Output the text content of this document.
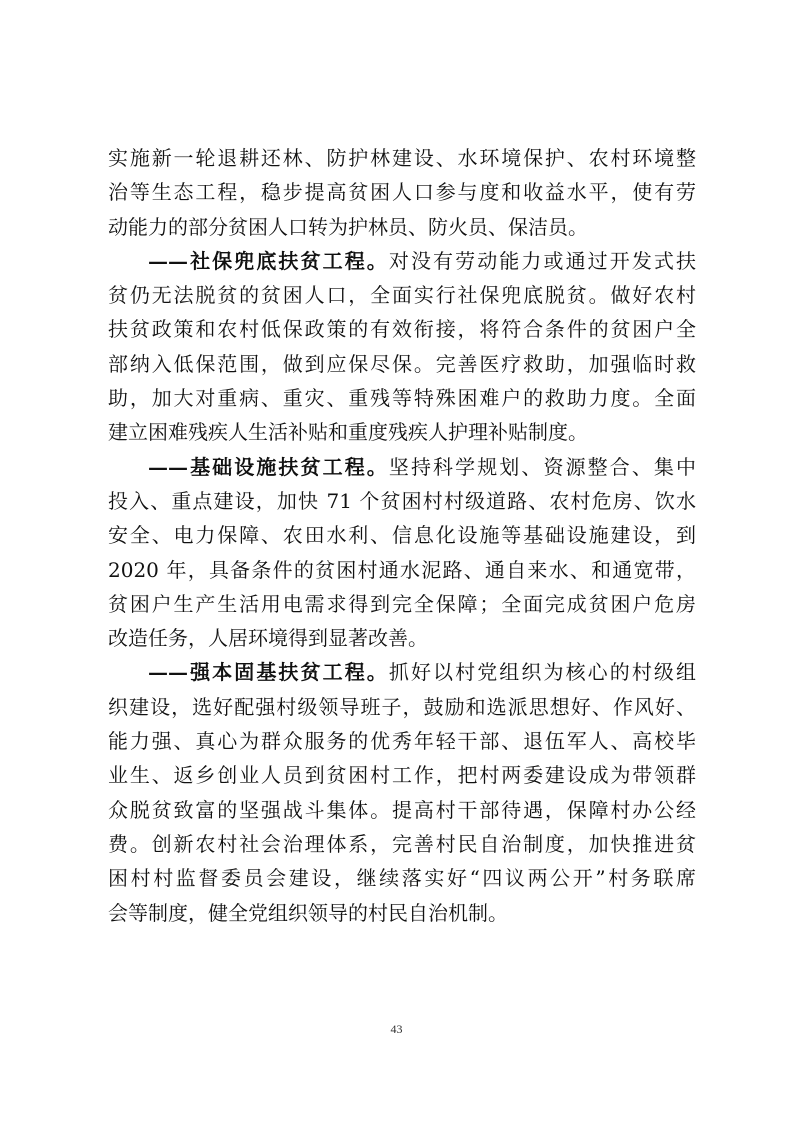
实施新一轮退耕还林、防护林建设、水环境保护、农村环境整
治等生态工程，稳步提高贫困人口参与度和收益水平，使有劳
动能力的部分贫困人口转为护林员、防火员、保洁员。
——社保兜底扶贫工程。对没有劳动能力或通过开发式扶
贫仍无法脱贫的贫困人口，全面实行社保兜底脱贫。做好农村
扶贫政策和农村低保政策的有效衔接，将符合条件的贫困户全
部纳入低保范围，做到应保尽保。完善医疗救助，加强临时救
助，加大对重病、重灾、重残等特殊困难户的救助力度。全面
建立困难残疾人生活补贴和重度残疾人护理补贴制度。
——基础设施扶贫工程。坚持科学规划、资源整合、集中
投入、重点建设，加快 71 个贫困村村级道路、农村危房、饮水
安全、电力保障、农田水利、信息化设施等基础设施建设，到
2020 年，具备条件的贫困村通水泥路、通自来水、和通宽带，
贫困户生产生活用电需求得到完全保障；全面完成贫困户危房
改造任务，人居环境得到显著改善。
——强本固基扶贫工程。抓好以村党组织为核心的村级组
织建设，选好配强村级领导班子，鼓励和选派思想好、作风好、
能力强、真心为群众服务的优秀年轻干部、退伍军人、高校毕
业生、返乡创业人员到贫困村工作，把村两委建设成为带领群
众脱贫致富的坚强战斗集体。提高村干部待遇，保障村办公经
费。创新农村社会治理体系，完善村民自治制度，加快推进贫
困村村监督委员会建设，继续落实好“四议两公开”村务联席
会等制度，健全党组织领导的村民自治机制。
43
